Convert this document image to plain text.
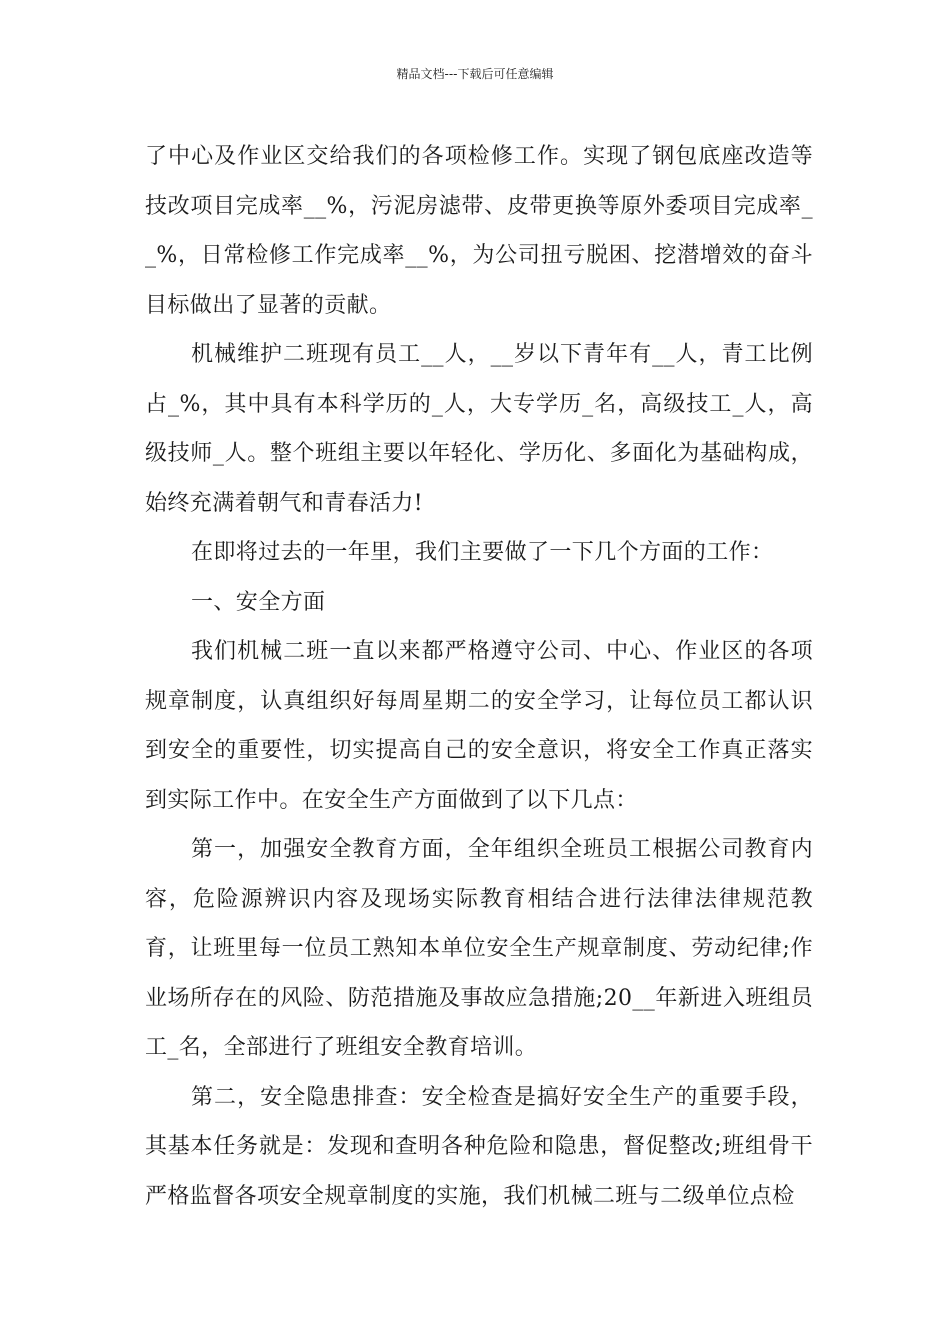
精品文档---下载后可任意编辑

了中心及作业区交给我们的各项检修工作。实现了钢包底座改造等技改项目完成率__%，污泥房滤带、皮带更换等原外委项目完成率__%，日常检修工作完成率__%，为公司扭亏脱困、挖潜增效的奋斗目标做出了显著的贡献。

机械维护二班现有员工__人，__岁以下青年有__人，青工比例占_%，其中具有本科学历的_人，大专学历_名，高级技工_人，高级技师_人。整个班组主要以年轻化、学历化、多面化为基础构成，始终充满着朝气和青春活力!

在即将过去的一年里，我们主要做了一下几个方面的工作：

一、安全方面

我们机械二班一直以来都严格遵守公司、中心、作业区的各项规章制度，认真组织好每周星期二的安全学习，让每位员工都认识到安全的重要性，切实提高自己的安全意识，将安全工作真正落实到实际工作中。在安全生产方面做到了以下几点：

第一，加强安全教育方面，全年组织全班员工根据公司教育内容，危险源辨识内容及现场实际教育相结合进行法律法律规范教育，让班里每一位员工熟知本单位安全生产规章制度、劳动纪律;作业场所存在的风险、防范措施及事故应急措施;20__年新进入班组员工_名，全部进行了班组安全教育培训。

第二，安全隐患排查：安全检查是搞好安全生产的重要手段，其基本任务就是：发现和查明各种危险和隐患，督促整改;班组骨干严格监督各项安全规章制度的实施，我们机械二班与二级单位点检
